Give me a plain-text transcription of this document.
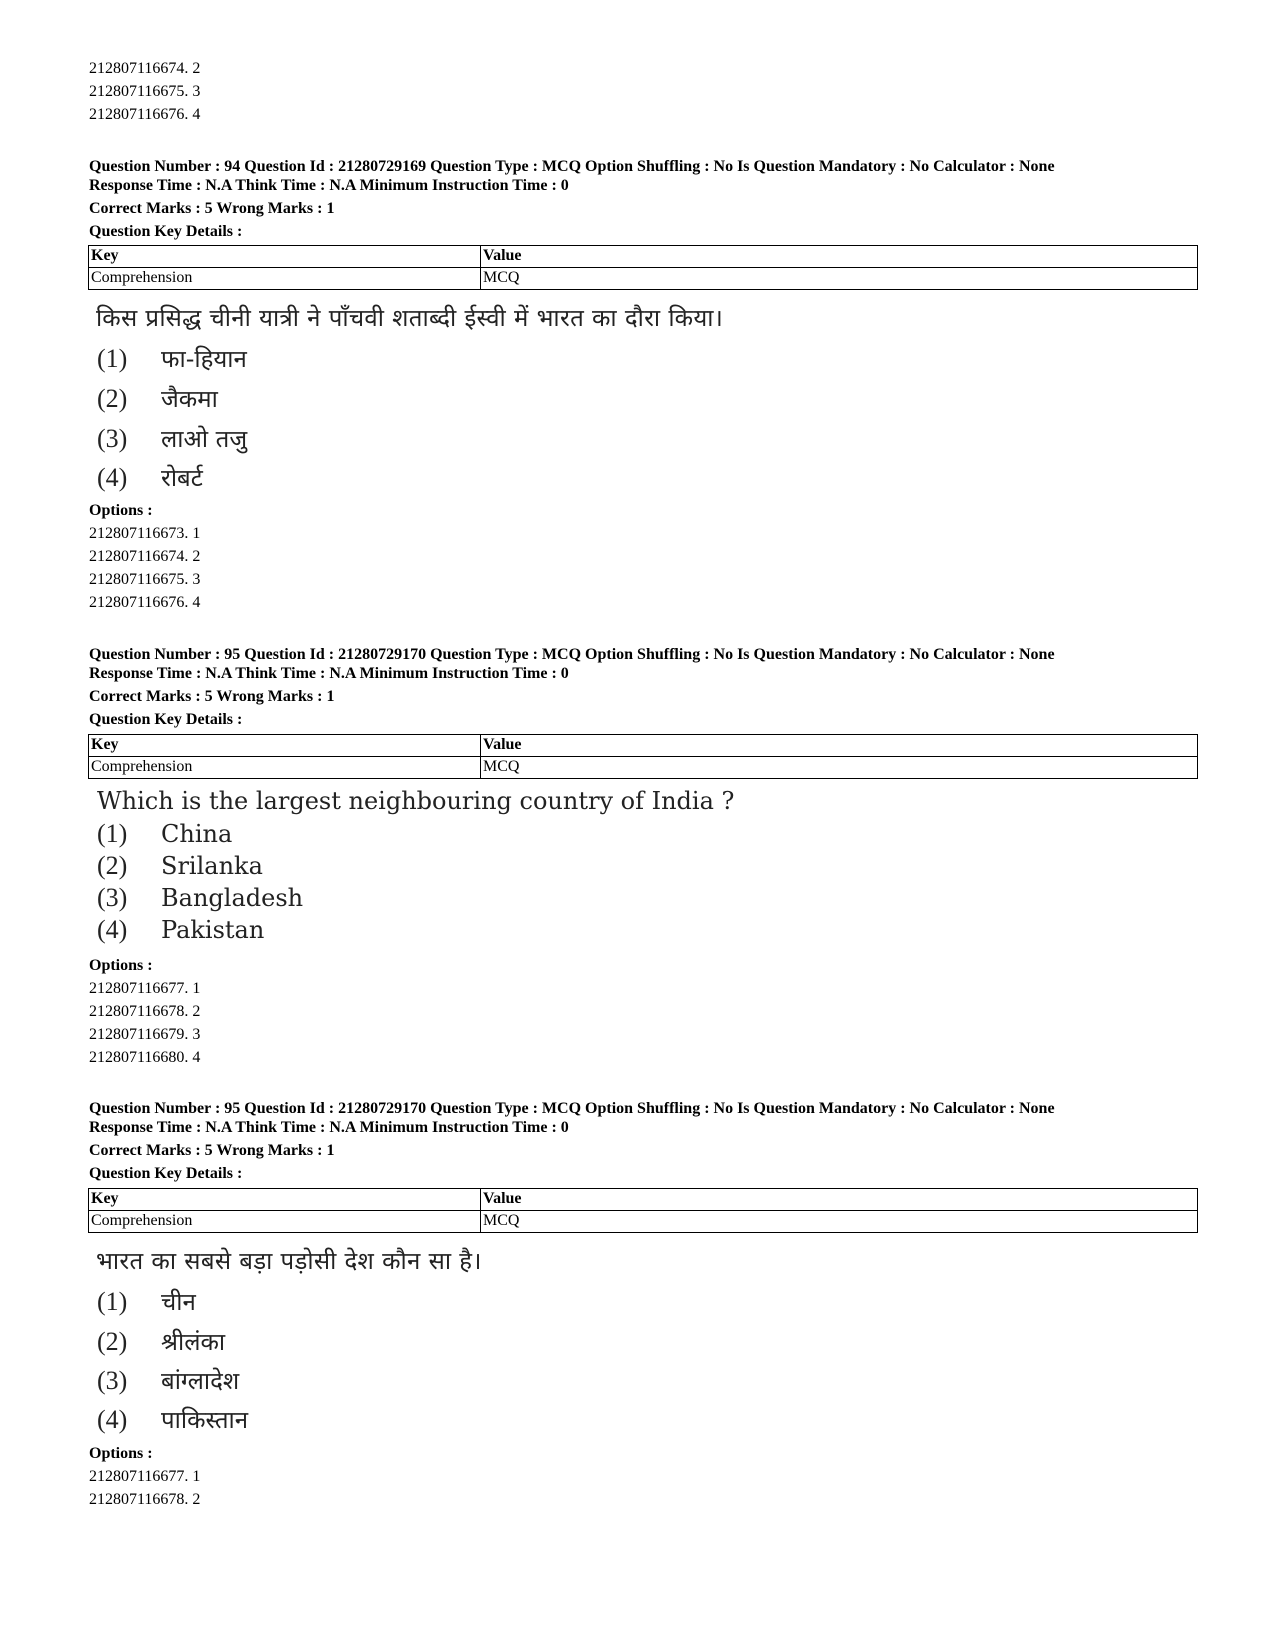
212807116674. 2
212807116675. 3
212807116676. 4
Question Number : 94 Question Id : 21280729169 Question Type : MCQ Option Shuffling : No Is Question Mandatory : No Calculator : None
Response Time : N.A Think Time : N.A Minimum Instruction Time : 0
Correct Marks : 5 Wrong Marks : 1
Question Key Details :
Key	Value
Comprehension	MCQ
किस प्रसिद्ध चीनी यात्री ने पाँचवी शताब्दी ईस्वी में भारत का दौरा किया।
(1) फा-हियान
(2) जैकमा
(3) लाओ तजु
(4) रोबर्ट
Options :
212807116673. 1
212807116674. 2
212807116675. 3
212807116676. 4
Question Number : 95 Question Id : 21280729170 Question Type : MCQ Option Shuffling : No Is Question Mandatory : No Calculator : None
Response Time : N.A Think Time : N.A Minimum Instruction Time : 0
Correct Marks : 5 Wrong Marks : 1
Question Key Details :
Key	Value
Comprehension	MCQ
Which is the largest neighbouring country of India ?
(1) China
(2) Srilanka
(3) Bangladesh
(4) Pakistan
Options :
212807116677. 1
212807116678. 2
212807116679. 3
212807116680. 4
Question Number : 95 Question Id : 21280729170 Question Type : MCQ Option Shuffling : No Is Question Mandatory : No Calculator : None
Response Time : N.A Think Time : N.A Minimum Instruction Time : 0
Correct Marks : 5 Wrong Marks : 1
Question Key Details :
Key	Value
Comprehension	MCQ
भारत का सबसे बड़ा पड़ोसी देश कौन सा है।
(1) चीन
(2) श्रीलंका
(3) बांग्लादेश
(4) पाकिस्तान
Options :
212807116677. 1
212807116678. 2
